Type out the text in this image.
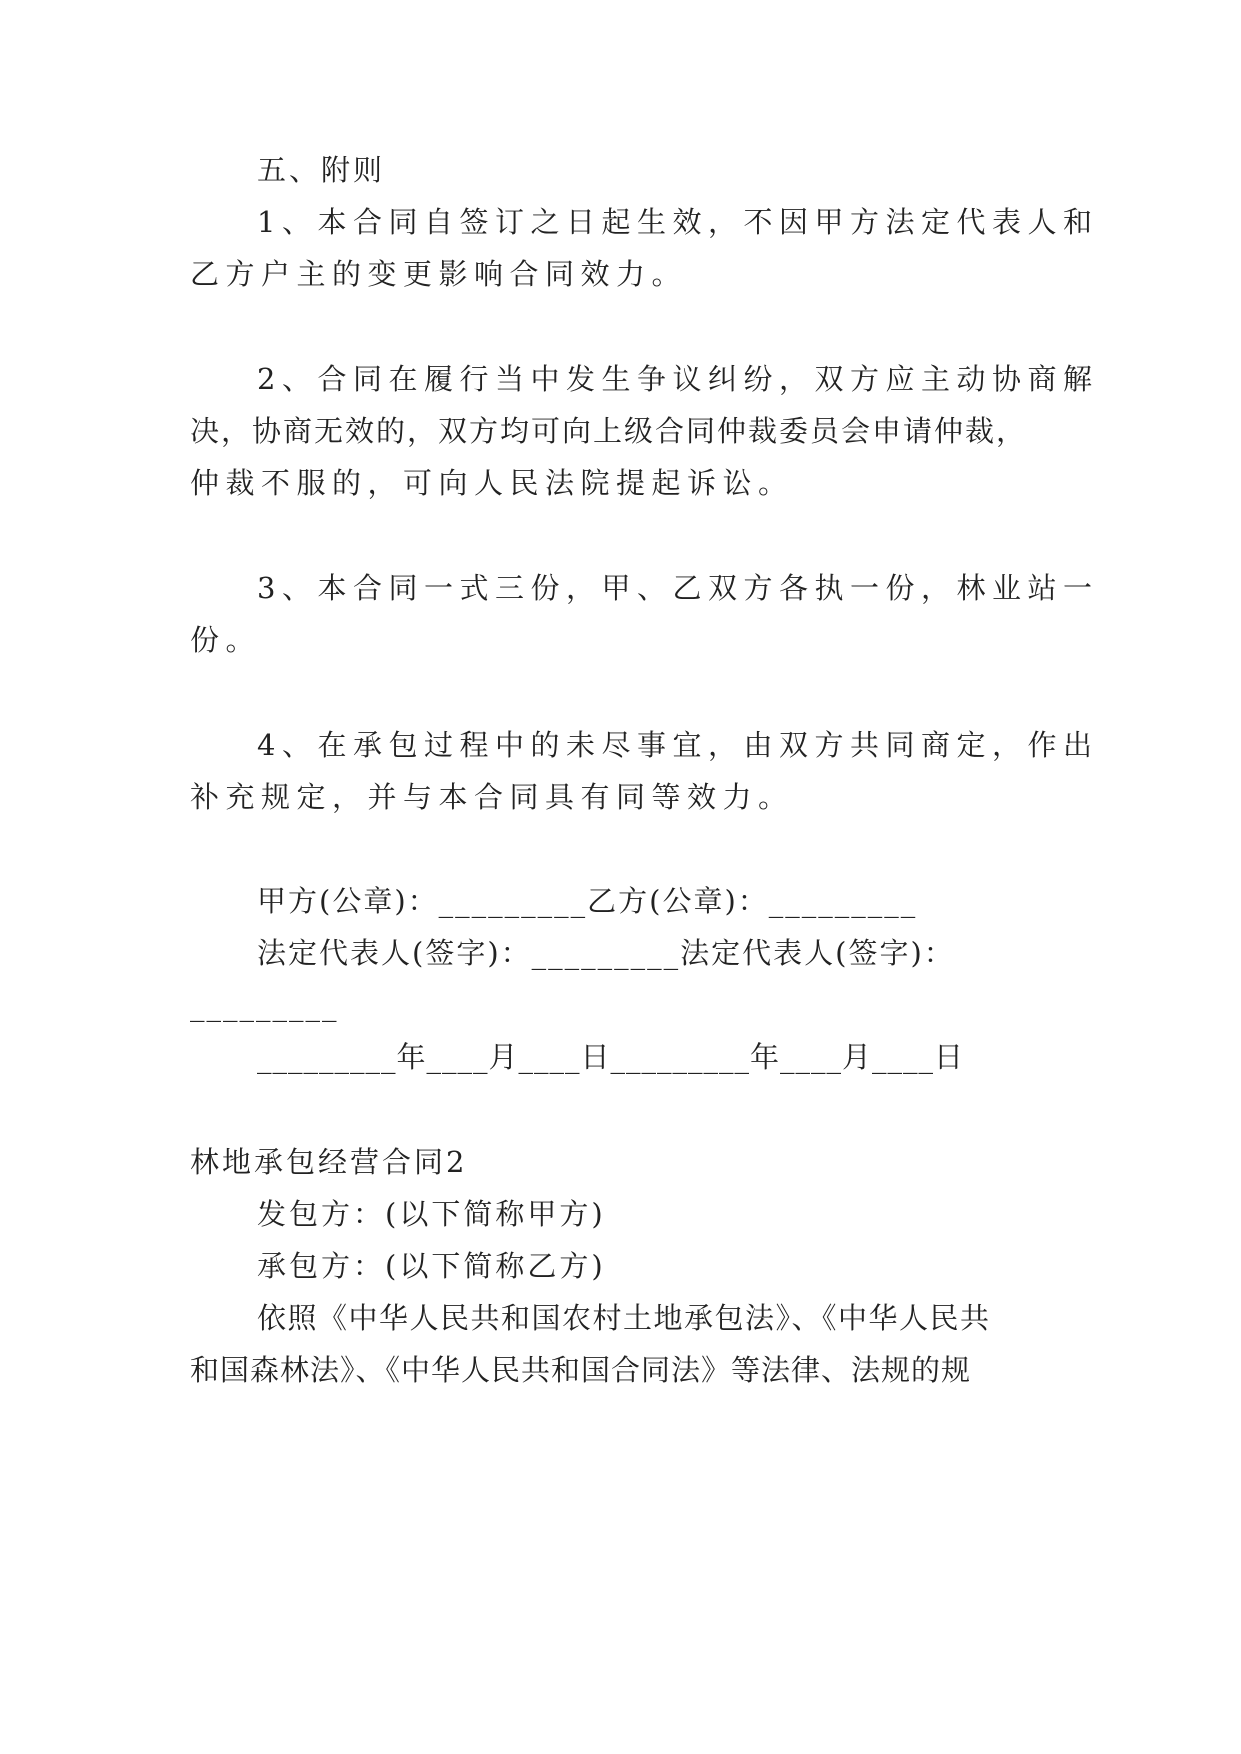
五、附则
1、本合同自签订之日起生效，不因甲方法定代表人和
乙方户主的变更影响合同效力。
2、合同在履行当中发生争议纠纷，双方应主动协商解
决，协商无效的，双方均可向上级合同仲裁委员会申请仲裁，
仲裁不服的，可向人民法院提起诉讼。
3、本合同一式三份，甲、乙双方各执一份，林业站一
份。
4、在承包过程中的未尽事宜，由双方共同商定，作出
补充规定，并与本合同具有同等效力。
甲方(公章)：_________乙方(公章)：_________
法定代表人(签字)：_________法定代表人(签字)：
_________
_________年____月____日_________年____月____日
林地承包经营合同2
发包方：(以下简称甲方)
承包方：(以下简称乙方)
依照《中华人民共和国农村土地承包法》、《中华人民共
和国森林法》、《中华人民共和国合同法》等法律、法规的规
